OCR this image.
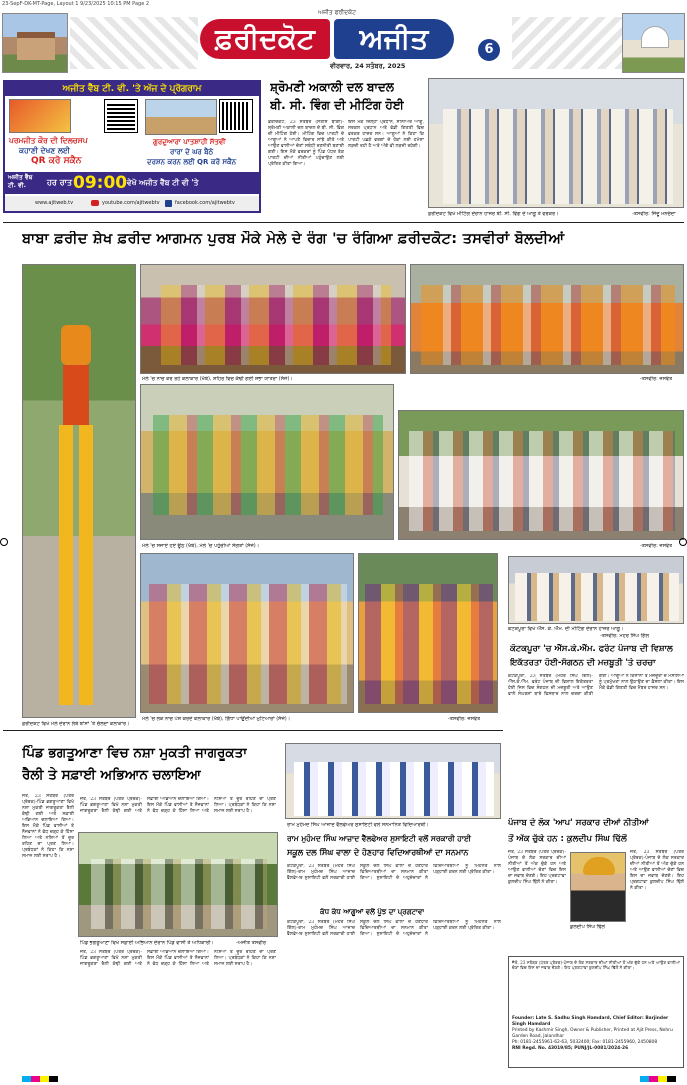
23-SepF-DK-MT-Page, Layout 1 9/23/2025 10:15 PM Page 2
ਅਜੀਤ ਫਰੀਦਕੋਟ
ਫ਼ਰੀਦਕੋਟ	ਅਜੀਤ
ਵੀਰਵਾਰ, 24 ਸਤੰਬਰ, 2025
6
ਅਜੀਤ ਵੈੱਬ ਟੀ. ਵੀ. 'ਤੇ ਅੱਜ ਦੇ ਪ੍ਰੋਗਰਾਮ
ਪਰਮਜੀਤ ਕੌਰ ਦੀ ਦਿਲਚਸਪ
ਕਹਾਣੀ ਦੇਖਣ ਲਈ
QR ਕਰੋ ਸਕੈਨ
ਗੁਰਦੁਆਰਾ ਪਾਤਸ਼ਾਹੀ ਸੱਤਵੀਂ
ਰਾਰਾ ਦੇ ਘਰ ਬੈਠੇ
ਦਰਸ਼ਨ ਕਰਨ ਲਈ QR ਕਰੋ ਸਕੈਨ
ਅਜੀਤ ਵੈੱਬ ਟੀ. ਵੀ.	ਹਰ ਰਾਤ 09:00 ਵੇਖੋ ਅਜੀਤ ਵੈੱਬ ਟੀ ਵੀ 'ਤੇ
www.ajitweb.tv	youtube.com/ajitwebtv	facebook.com/ajitwebtv
ਸ਼੍ਰੋਮਣੀ ਅਕਾਲੀ ਦਲ ਬਾਦਲ
ਬੀ. ਸੀ. ਵਿੰਗ ਦੀ ਮੀਟਿੰਗ ਹੋਈ
ਫ਼ਰੀਦਕੋਟ, 23 ਸਤੰਬਰ (ਸਤੀਸ਼ ਬਾਗ਼ੀ)-ਸ਼੍ਰੋਮਣੀ ਅਕਾਲੀ ਦਲ ਬਾਦਲ ਦੇ ਬੀ. ਸੀ. ਵਿੰਗ ਦੀ ਮੀਟਿੰਗ ਹੋਈ। ਮੀਟਿੰਗ ਵਿਚ ਪਾਰਟੀ ਦੇ ਆਗੂਆਂ ਨੇ ਆਪਣੇ ਵਿਚਾਰ ਸਾਂਝੇ ਕੀਤੇ ਅਤੇ ਆਉਣ ਵਾਲੀਆਂ ਚੋਣਾਂ ਸਬੰਧੀ ਰਣਨੀਤੀ ਬਣਾਈ ਗਈ। ਇਸ ਮੌਕੇ ਵਰਕਰਾਂ ਨੂੰ ਪਿੰਡ ਪੱਧਰ ਤੱਕ ਪਾਰਟੀ ਦੀਆਂ ਨੀਤੀਆਂ ਪਹੁੰਚਾਉਣ ਲਈ ਪ੍ਰੇਰਿਤ ਕੀਤਾ ਗਿਆ।
ਇਸ ਮੌਕੇ ਜ਼ਿਲ੍ਹਾ ਪ੍ਰਧਾਨ, ਸੀਨੀਅਰ ਆਗੂ, ਸਰਕਲ ਪ੍ਰਧਾਨ ਅਤੇ ਵੱਡੀ ਗਿਣਤੀ ਵਿਚ ਵਰਕਰ ਹਾਜ਼ਰ ਸਨ। ਆਗੂਆਂ ਨੇ ਕਿਹਾ ਕਿ ਪਾਰਟੀ ਪਛੜੇ ਵਰਗਾਂ ਦੇ ਹੱਕਾਂ ਲਈ ਹਮੇਸ਼ਾ ਲੜਦੀ ਰਹੀ ਹੈ ਅਤੇ ਅੱਗੇ ਵੀ ਲੜਦੀ ਰਹੇਗੀ।
ਫ਼ਰੀਦਕੋਟ ਵਿਖੇ ਮੀਟਿੰਗ ਦੌਰਾਨ ਹਾਜ਼ਰ ਬੀ. ਸੀ. ਵਿੰਗ ਦੇ ਆਗੂ ਤੇ ਵਰਕਰ।	-ਤਸਵੀਰ: ਜਿੰਦੂ ਮਨਚੰਦਾ
ਬਾਬਾ ਫ਼ਰੀਦ ਸ਼ੇਖ ਫ਼ਰੀਦ ਆਗਮਨ ਪੁਰਬ ਮੌਕੇ ਮੇਲੇ ਦੇ ਰੰਗ 'ਚ ਰੰਗਿਆ ਫ਼ਰੀਦਕੋਟ: ਤਸਵੀਰਾਂ ਬੋਲਦੀਆਂ
ਫ਼ਰੀਦਕੋਟ ਵਿਖੇ ਮੇਲੇ ਦੌਰਾਨ ਲੰਬੇ ਬਾਂਸਾਂ 'ਤੇ ਚੱਲਦਾ ਕਲਾਕਾਰ।
ਮੇਲੇ 'ਚ ਨਾਚ ਕਰ ਰਹੇ ਕਲਾਕਾਰ (ਖੱਬੇ), ਸ਼ਹਿਰ ਵਿਚ ਕੱਢੀ ਗਈ ਸ਼ੋਭਾ ਯਾਤਰਾ (ਸੱਜੇ)।	-ਤਸਵੀਰ: ਜਸਵੰਤ
ਮੇਲੇ 'ਚ ਸਜਾਏ ਹੋਏ ਊਠ (ਖੱਬੇ), ਮੇਲੇ 'ਚ ਪਹੁੰਚੀਆਂ ਸੰਗਤਾਂ (ਸੱਜੇ)।	-ਤਸਵੀਰ: ਜਸਵੰਤ
ਮੇਲੇ 'ਚ ਲੋਕ ਨਾਚ ਪੇਸ਼ ਕਰਦੇ ਕਲਾਕਾਰ (ਖੱਬੇ), ਗਿੱਧਾ ਪਾਉਂਦੀਆਂ ਮੁਟਿਆਰਾਂ (ਸੱਜੇ)।	-ਤਸਵੀਰ: ਜਸਵੰਤ
ਕੋਟਕਪੂਰਾ ਵਿਖੇ ਐੱਸ. ਕੇ. ਐੱਮ. ਦੀ ਮੀਟਿੰਗ ਦੌਰਾਨ ਹਾਜ਼ਰ ਆਗੂ।
-ਤਸਵੀਰ: ਮੋਹਰ ਸਿੰਘ ਗਿੱਲ
ਕੋਟਕਪੂਰਾ 'ਚ ਐੱਸ.ਕੇ.ਐੱਮ. ਫਰੰਟ ਪੰਜਾਬ ਦੀ ਵਿਸ਼ਾਲ
ਇਕੱਤਰਤਾ ਹੋਈ-ਸੰਗਠਨ ਦੀ ਮਜ਼ਬੂਤੀ 'ਤੇ ਚਰਚਾ
ਕੋਟਕਪੂਰਾ, 23 ਸਤੰਬਰ (ਮੋਹਰ ਸਿੰਘ ਗਿੱਲ)-ਐੱਸ.ਕੇ.ਐੱਮ. ਫਰੰਟ ਪੰਜਾਬ ਦੀ ਵਿਸ਼ਾਲ ਇਕੱਤਰਤਾ ਹੋਈ ਜਿਸ ਵਿਚ ਸੰਗਠਨ ਦੀ ਮਜ਼ਬੂਤੀ ਅਤੇ ਆਉਣ ਵਾਲੇ ਸੰਘਰਸ਼ਾਂ ਬਾਰੇ ਵਿਸਥਾਰ ਨਾਲ ਚਰਚਾ ਕੀਤੀ ਗਈ। ਆਗੂਆਂ ਨੇ ਕਿਸਾਨਾਂ ਤੇ ਮਜ਼ਦੂਰਾਂ ਦੇ ਮਸਲਿਆਂ ਨੂੰ ਪ੍ਰਮੁੱਖਤਾ ਨਾਲ ਉਠਾਉਣ ਦਾ ਫ਼ੈਸਲਾ ਕੀਤਾ। ਇਸ ਮੌਕੇ ਵੱਡੀ ਗਿਣਤੀ ਵਿਚ ਮੈਂਬਰ ਹਾਜ਼ਰ ਸਨ।
ਪਿੰਡ ਭਗਤੂਆਣਾ ਵਿਚ ਨਸ਼ਾ ਮੁਕਤੀ ਜਾਗਰੂਕਤਾ
ਰੈਲੀ ਤੇ ਸਫ਼ਾਈ ਅਭਿਆਨ ਚਲਾਇਆ
ਜੈਤੋ, 23 ਸਤੰਬਰ (ਪੱਤਰ ਪ੍ਰੇਰਕ)-ਪਿੰਡ ਭਗਤੂਆਣਾ ਵਿਖੇ ਨਸ਼ਾ ਮੁਕਤੀ ਜਾਗਰੂਕਤਾ ਰੈਲੀ ਕੱਢੀ ਗਈ ਅਤੇ ਸਫ਼ਾਈ ਅਭਿਆਨ ਚਲਾਇਆ ਗਿਆ। ਇਸ ਮੌਕੇ ਪਿੰਡ ਵਾਸੀਆਂ ਤੇ ਨੌਜਵਾਨਾਂ ਨੇ ਵੱਧ ਚੜ੍ਹ ਕੇ ਹਿੱਸਾ ਲਿਆ ਅਤੇ ਨਸ਼ਿਆਂ ਤੋਂ ਦੂਰ ਰਹਿਣ ਦਾ ਪ੍ਰਣ ਲਿਆ। ਪ੍ਰਬੰਧਕਾਂ ਨੇ ਕਿਹਾ ਕਿ ਨਸ਼ਾ ਸਮਾਜ ਲਈ ਸਰਾਪ ਹੈ।
ਜੈਤੋ, 23 ਸਤੰਬਰ (ਪੱਤਰ ਪ੍ਰੇਰਕ)-ਪਿੰਡ ਭਗਤੂਆਣਾ ਵਿਖੇ ਨਸ਼ਾ ਮੁਕਤੀ ਜਾਗਰੂਕਤਾ ਰੈਲੀ ਕੱਢੀ ਗਈ ਅਤੇ ਸਫ਼ਾਈ ਅਭਿਆਨ ਚਲਾਇਆ ਗਿਆ। ਇਸ ਮੌਕੇ ਪਿੰਡ ਵਾਸੀਆਂ ਤੇ ਨੌਜਵਾਨਾਂ ਨੇ ਵੱਧ ਚੜ੍ਹ ਕੇ ਹਿੱਸਾ ਲਿਆ ਅਤੇ ਨਸ਼ਿਆਂ ਤੋਂ ਦੂਰ ਰਹਿਣ ਦਾ ਪ੍ਰਣ ਲਿਆ। ਪ੍ਰਬੰਧਕਾਂ ਨੇ ਕਿਹਾ ਕਿ ਨਸ਼ਾ ਸਮਾਜ ਲਈ ਸਰਾਪ ਹੈ।
ਪਿੰਡ ਭਗਤੂਆਣਾ ਵਿਖੇ ਸਫ਼ਾਈ ਅਭਿਆਨ ਦੌਰਾਨ ਪਿੰਡ ਵਾਸੀ ਤੇ ਅਧਿਕਾਰੀ।	-ਅਜੀਤ ਤਸਵੀਰ
ਜੈਤੋ, 23 ਸਤੰਬਰ (ਪੱਤਰ ਪ੍ਰੇਰਕ)-ਪਿੰਡ ਭਗਤੂਆਣਾ ਵਿਖੇ ਨਸ਼ਾ ਮੁਕਤੀ ਜਾਗਰੂਕਤਾ ਰੈਲੀ ਕੱਢੀ ਗਈ ਅਤੇ ਸਫ਼ਾਈ ਅਭਿਆਨ ਚਲਾਇਆ ਗਿਆ। ਇਸ ਮੌਕੇ ਪਿੰਡ ਵਾਸੀਆਂ ਤੇ ਨੌਜਵਾਨਾਂ ਨੇ ਵੱਧ ਚੜ੍ਹ ਕੇ ਹਿੱਸਾ ਲਿਆ ਅਤੇ ਨਸ਼ਿਆਂ ਤੋਂ ਦੂਰ ਰਹਿਣ ਦਾ ਪ੍ਰਣ ਲਿਆ। ਪ੍ਰਬੰਧਕਾਂ ਨੇ ਕਿਹਾ ਕਿ ਨਸ਼ਾ ਸਮਾਜ ਲਈ ਸਰਾਪ ਹੈ।
ਰਾਮ ਮੁਹੰਮਦ ਸਿੰਘ ਆਜ਼ਾਦ ਵੈੱਲਫੇਅਰ ਸੁਸਾਇਟੀ ਵਲੋਂ ਸਨਮਾਨਿਤ ਵਿਦਿਆਰਥੀ।
ਰਾਮ ਮੁਹੰਮਦ ਸਿੰਘ ਆਜ਼ਾਦ ਵੈੱਲਫੇਅਰ ਸੁਸਾਇਟੀ ਵਲੋਂ ਸਰਕਾਰੀ ਹਾਈ
ਸਕੂਲ ਦਲ ਸਿੰਘ ਵਾਲਾ ਦੇ ਹੋਣਹਾਰ ਵਿਦਿਆਰਥੀਆਂ ਦਾ ਸਨਮਾਨ
ਕੋਟਕਪੂਰਾ, 23 ਸਤੰਬਰ (ਮੋਹਰ ਸਿੰਘ ਗਿੱਲ)-ਰਾਮ ਮੁਹੰਮਦ ਸਿੰਘ ਆਜ਼ਾਦ ਵੈੱਲਫੇਅਰ ਸੁਸਾਇਟੀ ਵਲੋਂ ਸਰਕਾਰੀ ਹਾਈ ਸਕੂਲ ਦਲ ਸਿੰਘ ਵਾਲਾ ਦੇ ਹੋਣਹਾਰ ਵਿਦਿਆਰਥੀਆਂ ਦਾ ਸਨਮਾਨ ਕੀਤਾ ਗਿਆ। ਸੁਸਾਇਟੀ ਦੇ ਅਹੁਦੇਦਾਰਾਂ ਨੇ ਵਿਦਿਆਰਥੀਆਂ ਨੂੰ ਮਿਹਨਤ ਨਾਲ ਪੜ੍ਹਾਈ ਕਰਨ ਲਈ ਪ੍ਰੇਰਿਤ ਕੀਤਾ।
ਕੰਧ ਕੰਧ ਆਗੂਆਂ ਵਲੋਂ ਪੂੰਝ ਦਾ ਪ੍ਰਗਟਾਵਾ
ਕੋਟਕਪੂਰਾ, 23 ਸਤੰਬਰ (ਮੋਹਰ ਸਿੰਘ ਗਿੱਲ)-ਰਾਮ ਮੁਹੰਮਦ ਸਿੰਘ ਆਜ਼ਾਦ ਵੈੱਲਫੇਅਰ ਸੁਸਾਇਟੀ ਵਲੋਂ ਸਰਕਾਰੀ ਹਾਈ ਸਕੂਲ ਦਲ ਸਿੰਘ ਵਾਲਾ ਦੇ ਹੋਣਹਾਰ ਵਿਦਿਆਰਥੀਆਂ ਦਾ ਸਨਮਾਨ ਕੀਤਾ ਗਿਆ। ਸੁਸਾਇਟੀ ਦੇ ਅਹੁਦੇਦਾਰਾਂ ਨੇ ਵਿਦਿਆਰਥੀਆਂ ਨੂੰ ਮਿਹਨਤ ਨਾਲ ਪੜ੍ਹਾਈ ਕਰਨ ਲਈ ਪ੍ਰੇਰਿਤ ਕੀਤਾ।
ਪੰਜਾਬ ਦੇ ਲੋਕ 'ਆਪ' ਸਰਕਾਰ ਦੀਆਂ ਨੀਤੀਆਂ
ਤੋਂ ਅੱਕ ਚੁੱਕੇ ਹਨ : ਕੁਲਦੀਪ ਸਿੰਘ ਢਿੱਲੋਂ
ਜੈਤੋ, 23 ਸਤੰਬਰ (ਪੱਤਰ ਪ੍ਰੇਰਕ)-ਪੰਜਾਬ ਦੇ ਲੋਕ ਸਰਕਾਰ ਦੀਆਂ ਨੀਤੀਆਂ ਤੋਂ ਅੱਕ ਚੁੱਕੇ ਹਨ ਅਤੇ ਆਉਣ ਵਾਲੀਆਂ ਚੋਣਾਂ ਵਿਚ ਇਸ ਦਾ ਜਵਾਬ ਦੇਣਗੇ। ਇਹ ਪ੍ਰਗਟਾਵਾ ਕੁਲਦੀਪ ਸਿੰਘ ਢਿੱਲੋਂ ਨੇ ਕੀਤਾ।
ਕੁਲਦੀਪ ਸਿੰਘ ਢਿੱਲੋਂ
ਜੈਤੋ, 23 ਸਤੰਬਰ (ਪੱਤਰ ਪ੍ਰੇਰਕ)-ਪੰਜਾਬ ਦੇ ਲੋਕ ਸਰਕਾਰ ਦੀਆਂ ਨੀਤੀਆਂ ਤੋਂ ਅੱਕ ਚੁੱਕੇ ਹਨ ਅਤੇ ਆਉਣ ਵਾਲੀਆਂ ਚੋਣਾਂ ਵਿਚ ਇਸ ਦਾ ਜਵਾਬ ਦੇਣਗੇ। ਇਹ ਪ੍ਰਗਟਾਵਾ ਕੁਲਦੀਪ ਸਿੰਘ ਢਿੱਲੋਂ ਨੇ ਕੀਤਾ।
ਜੈਤੋ, 23 ਸਤੰਬਰ (ਪੱਤਰ ਪ੍ਰੇਰਕ)-ਪੰਜਾਬ ਦੇ ਲੋਕ ਸਰਕਾਰ ਦੀਆਂ ਨੀਤੀਆਂ ਤੋਂ ਅੱਕ ਚੁੱਕੇ ਹਨ ਅਤੇ ਆਉਣ ਵਾਲੀਆਂ ਚੋਣਾਂ ਵਿਚ ਇਸ ਦਾ ਜਵਾਬ ਦੇਣਗੇ। ਇਹ ਪ੍ਰਗਟਾਵਾ ਕੁਲਦੀਪ ਸਿੰਘ ਢਿੱਲੋਂ ਨੇ ਕੀਤਾ।
Founder: Late S. Sadhu Singh Hamdard, Chief Editor: Barjinder Singh Hamdard
Printed by Kashmir Singh, Owner & Publisher, Printed at Ajit Press, Nehru Garden Road, Jalandhar
Ph: 0181-2455961-62-63, 5032400; Fax: 0181-2455960, 2450808
RNI Regd. No. 43019/85; PUNJ/JL-0081/2024-26
